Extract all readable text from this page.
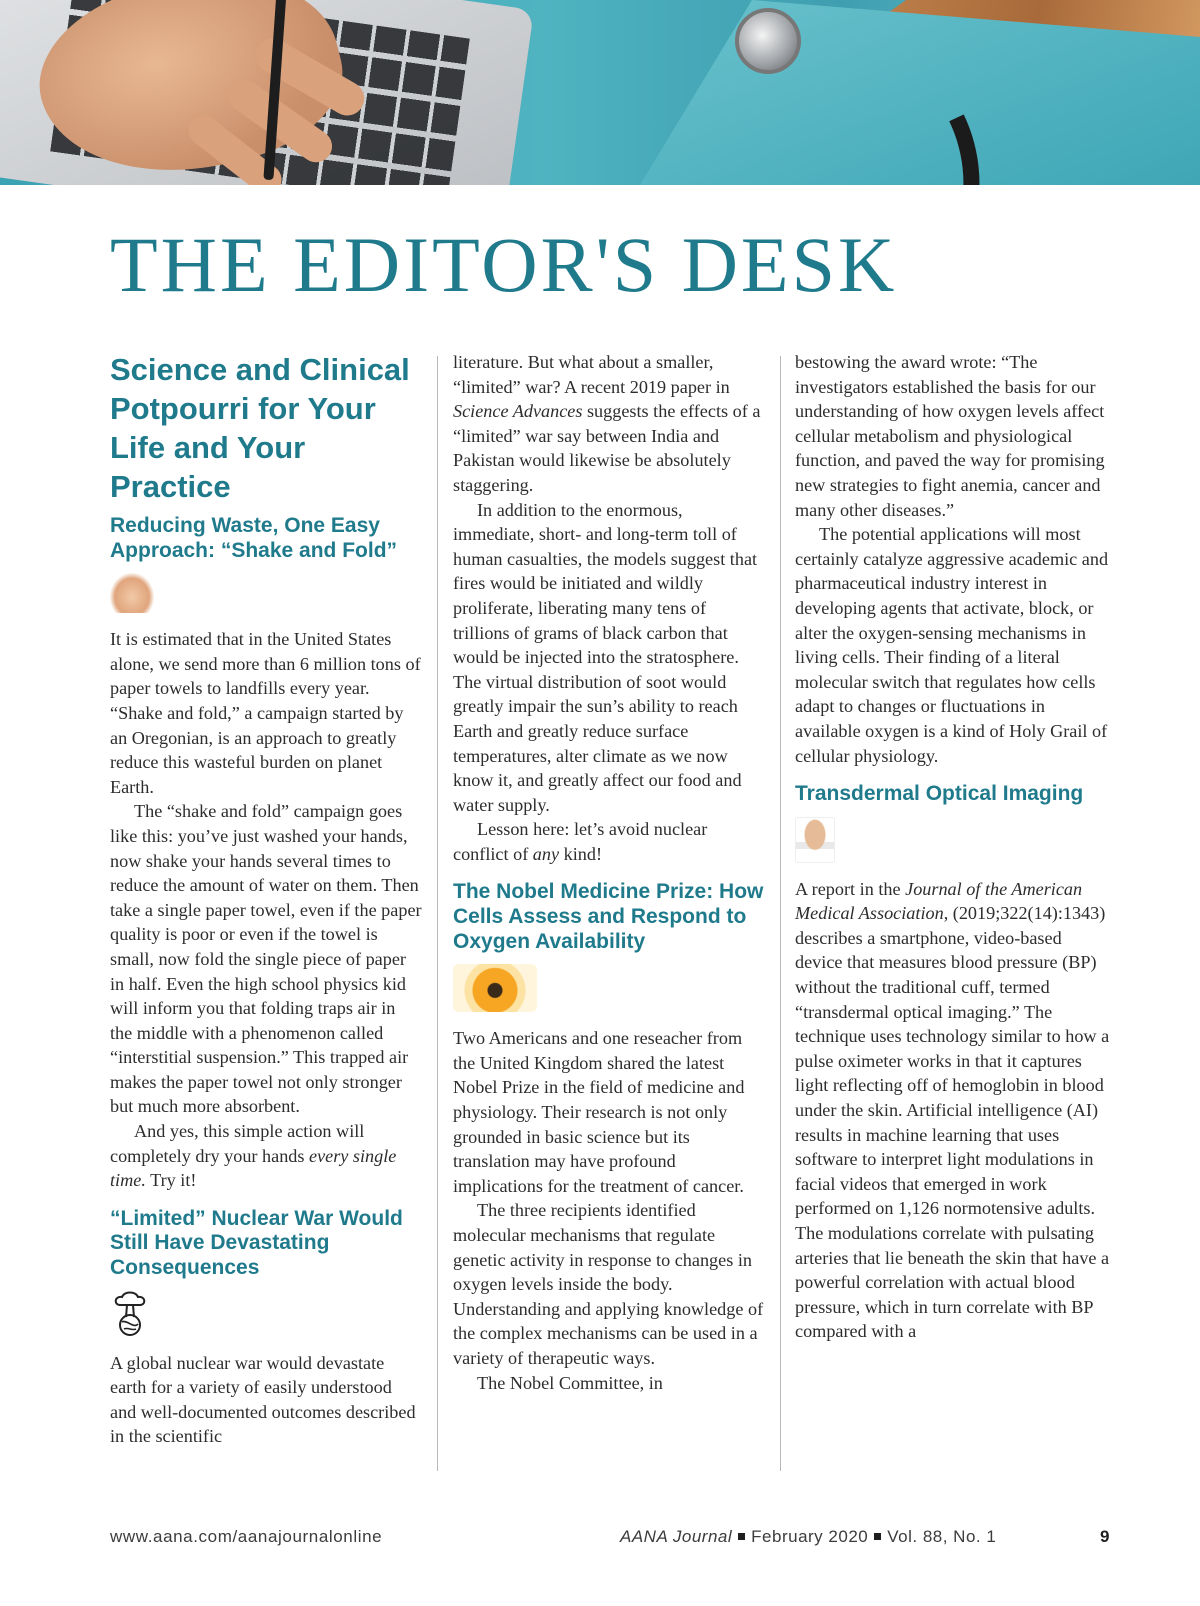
THE EDITOR'S DESK
Science and Clinical Potpourri for Your Life and Your Practice
Reducing Waste, One Easy Approach: “Shake and Fold”

It is estimated that in the United States alone, we send more than 6 million tons of paper towels to landfills every year. “Shake and fold,” a campaign started by an Oregonian, is an approach to greatly reduce this wasteful burden on planet Earth.

The “shake and fold” campaign goes like this: you’ve just washed your hands, now shake your hands several times to reduce the amount of water on them. Then take a single paper towel, even if the paper quality is poor or even if the towel is small, now fold the single piece of paper in half. Even the high school physics kid will inform you that folding traps air in the middle with a phenomenon called “interstitial suspension.” This trapped air makes the paper towel not only stronger but much more absorbent.

And yes, this simple action will completely dry your hands every single time. Try it!

“Limited” Nuclear War Would Still Have Devastating Consequences

A global nuclear war would devastate earth for a variety of easily understood and well-documented outcomes described in the scientific

literature. But what about a smaller, “limited” war? A recent 2019 paper in Science Advances suggests the effects of a “limited” war say between India and Pakistan would likewise be absolutely staggering.

In addition to the enormous, immediate, short- and long-term toll of human casualties, the models suggest that fires would be initiated and wildly proliferate, liberating many tens of trillions of grams of black carbon that would be injected into the stratosphere. The virtual distribution of soot would greatly impair the sun’s ability to reach Earth and greatly reduce surface temperatures, alter climate as we now know it, and greatly affect our food and water supply.

Lesson here: let’s avoid nuclear conflict of any kind!

The Nobel Medicine Prize: How Cells Assess and Respond to Oxygen Availability

Two Americans and one reseacher from the United Kingdom shared the latest Nobel Prize in the field of medicine and physiology. Their research is not only grounded in basic science but its translation may have profound implications for the treatment of cancer.

The three recipients identified molecular mechanisms that regulate genetic activity in response to changes in oxygen levels inside the body. Understanding and applying knowledge of the complex mechanisms can be used in a variety of therapeutic ways.

The Nobel Committee, in

bestowing the award wrote: “The investigators established the basis for our understanding of how oxygen levels affect cellular metabolism and physiological function, and paved the way for promising new strategies to fight anemia, cancer and many other diseases.”

The potential applications will most certainly catalyze aggressive academic and pharmaceutical industry interest in developing agents that activate, block, or alter the oxygen-sensing mechanisms in living cells. Their finding of a literal molecular switch that regulates how cells adapt to changes or fluctuations in available oxygen is a kind of Holy Grail of cellular physiology.

Transdermal Optical Imaging

A report in the Journal of the American Medical Association, (2019;322(14):1343) describes a smartphone, video-based device that measures blood pressure (BP) without the traditional cuff, termed “transdermal optical imaging.” The technique uses technology similar to how a pulse oximeter works in that it captures light reflecting off of hemoglobin in blood under the skin. Artificial intelligence (AI) results in machine learning that uses software to interpret light modulations in facial videos that emerged in work performed on 1,126 normotensive adults. The modulations correlate with pulsating arteries that lie beneath the skin that have a powerful correlation with actual blood pressure, which in turn correlate with BP compared with a

www.aana.com/aanajournalonline	AANA Journal February 2020 Vol. 88, No. 1	9
